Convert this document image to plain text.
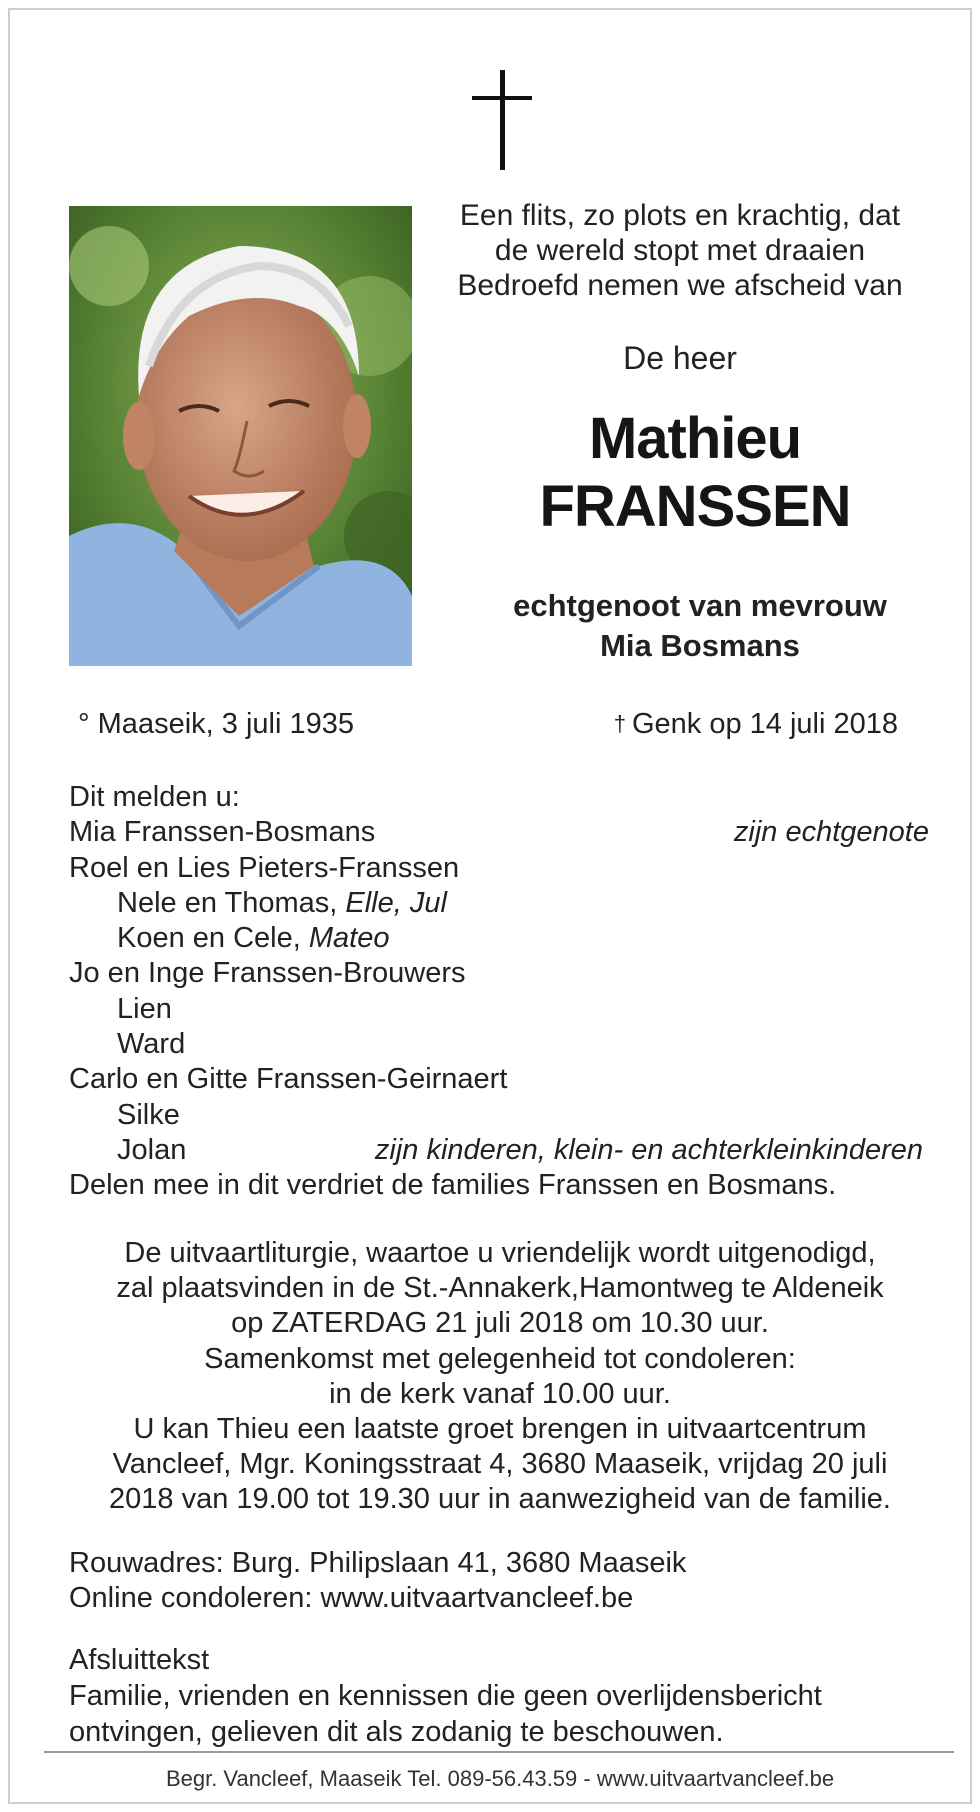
Een flits, zo plots en krachtig, dat
de wereld stopt met draaien
Bedroefd nemen we afscheid van
De heer
Mathieu
FRANSSEN
echtgenoot van mevrouw
Mia Bosmans
° Maaseik, 3 juli 1935	† Genk op 14 juli 2018
Dit melden u:
Mia Franssen-Bosmans	zijn echtgenote
Roel en Lies Pieters-Franssen
Nele en Thomas, Elle, Jul
Koen en Cele, Mateo
Jo en Inge Franssen-Brouwers
Lien
Ward
Carlo en Gitte Franssen-Geirnaert
Silke
Jolan	zijn kinderen, klein- en achterkleinkinderen
Delen mee in dit verdriet de families Franssen en Bosmans.
De uitvaartliturgie, waartoe u vriendelijk wordt uitgenodigd,
zal plaatsvinden in de St.-Annakerk,Hamontweg te Aldeneik
op ZATERDAG 21 juli 2018 om 10.30 uur.
Samenkomst met gelegenheid tot condoleren:
in de kerk vanaf 10.00 uur.
U kan Thieu een laatste groet brengen in uitvaartcentrum
Vancleef, Mgr. Koningsstraat 4, 3680 Maaseik, vrijdag 20 juli
2018 van 19.00 tot 19.30 uur in aanwezigheid van de familie.
Rouwadres: Burg. Philipslaan 41, 3680 Maaseik
Online condoleren: www.uitvaartvancleef.be
Afsluittekst
Familie, vrienden en kennissen die geen overlijdensbericht
ontvingen, gelieven dit als zodanig te beschouwen.
Begr. Vancleef, Maaseik Tel. 089-56.43.59 - www.uitvaartvancleef.be
